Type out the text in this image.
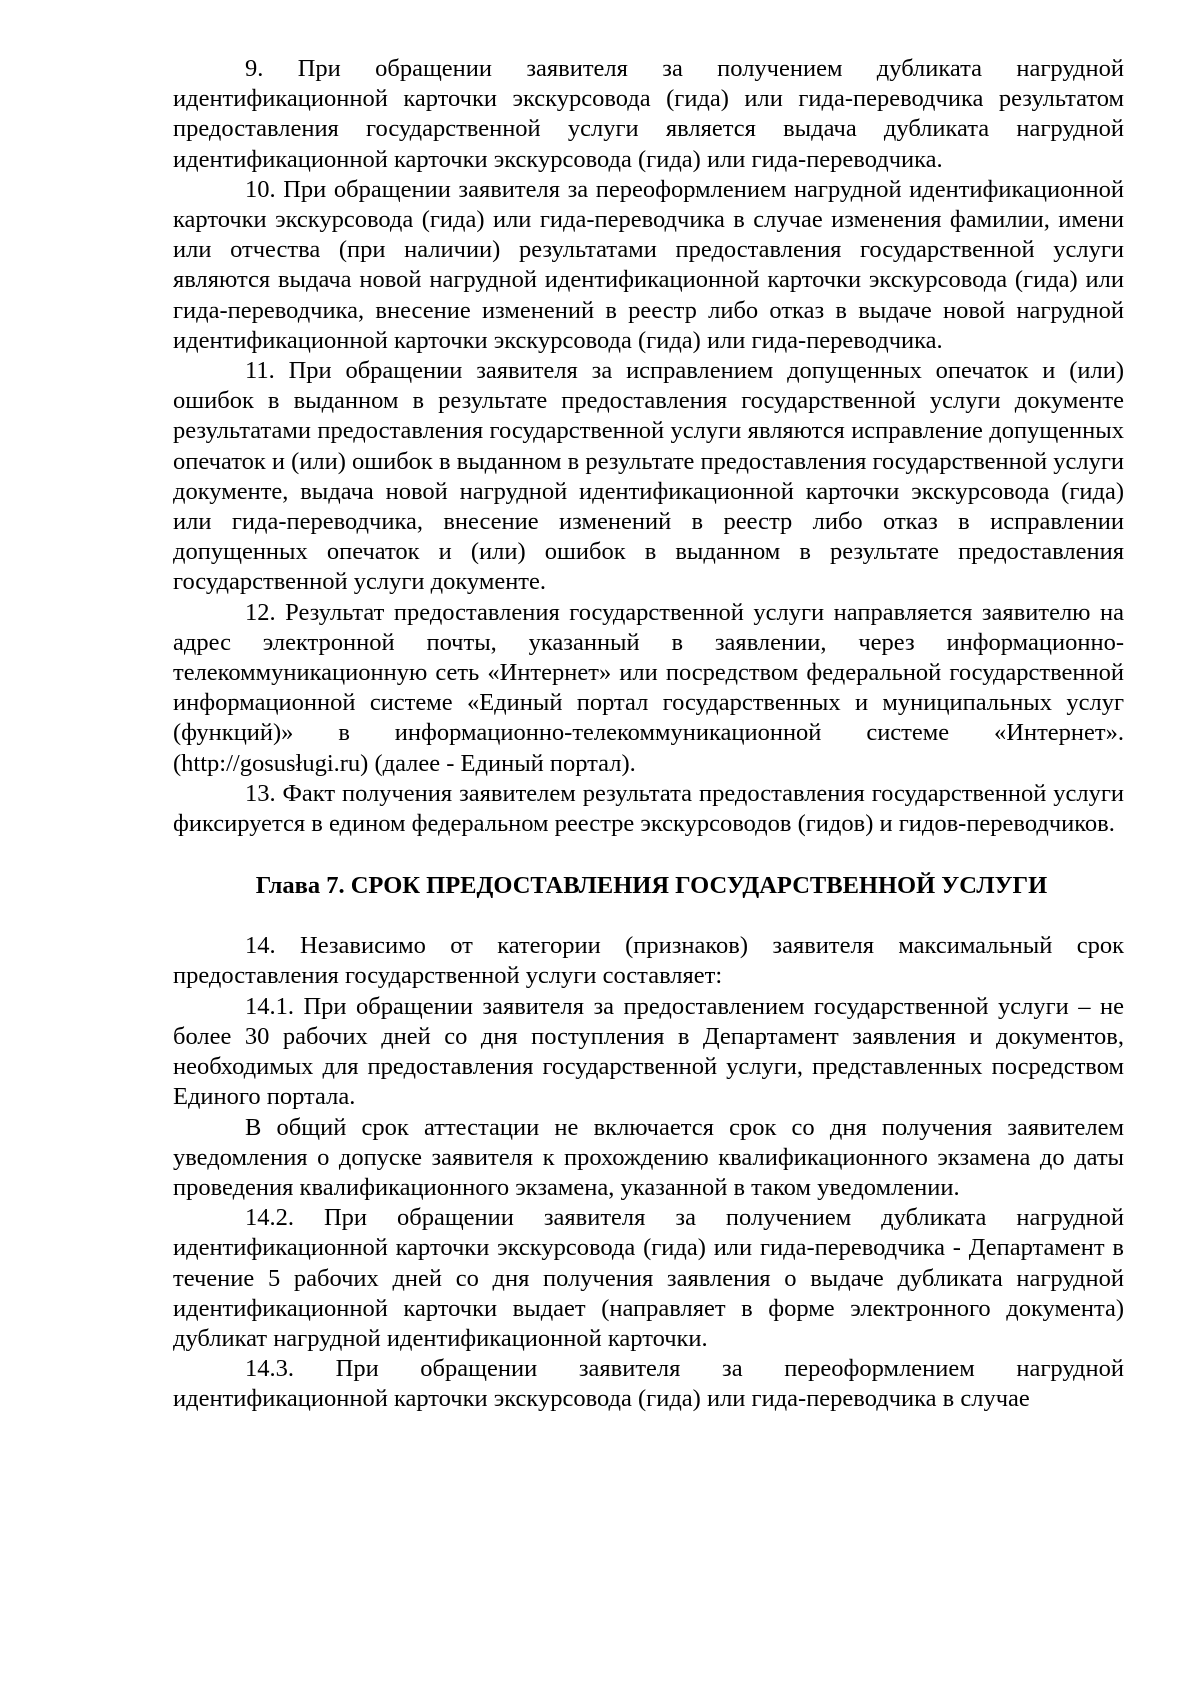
9. При обращении заявителя за получением дубликата нагрудной идентификационной карточки экскурсовода (гида) или гида-переводчика результатом предоставления государственной услуги является выдача дубликата нагрудной идентификационной карточки экскурсовода (гида) или гида-переводчика.

10. При обращении заявителя за переоформлением нагрудной идентификационной карточки экскурсовода (гида) или гида-переводчика в случае изменения фамилии, имени или отчества (при наличии) результатами предоставления государственной услуги являются выдача новой нагрудной идентификационной карточки экскурсовода (гида) или гида-переводчика, внесение изменений в реестр либо отказ в выдаче новой нагрудной идентификационной карточки экскурсовода (гида) или гида-переводчика.

11. При обращении заявителя за исправлением допущенных опечаток и (или) ошибок в выданном в результате предоставления государственной услуги документе результатами предоставления государственной услуги являются исправление допущенных опечаток и (или) ошибок в выданном в результате предоставления государственной услуги документе, выдача новой нагрудной идентификационной карточки экскурсовода (гида) или гида-переводчика, внесение изменений в реестр либо отказ в исправлении допущенных опечаток и (или) ошибок в выданном в результате предоставления государственной услуги документе.

12. Результат предоставления государственной услуги направляется заявителю на адрес электронной почты, указанный в заявлении, через информационно-телекоммуникационную сеть «Интернет» или посредством федеральной государственной информационной системе «Единый портал государственных и муниципальных услуг (функций)» в информационно-телекоммуникационной системе «Интернет». (http://gosusługi.ru) (далее - Единый портал).

13. Факт получения заявителем результата предоставления государственной услуги фиксируется в едином федеральном реестре экскурсоводов (гидов) и гидов-переводчиков.

Глава 7. СРОК ПРЕДОСТАВЛЕНИЯ ГОСУДАРСТВЕННОЙ УСЛУГИ

14. Независимо от категории (признаков) заявителя максимальный срок предоставления государственной услуги составляет:

14.1. При обращении заявителя за предоставлением государственной услуги – не более 30 рабочих дней со дня поступления в Департамент заявления и документов, необходимых для предоставления государственной услуги, представленных посредством Единого портала.

В общий срок аттестации не включается срок со дня получения заявителем уведомления о допуске заявителя к прохождению квалификационного экзамена до даты проведения квалификационного экзамена, указанной в таком уведомлении.

14.2. При обращении заявителя за получением дубликата нагрудной идентификационной карточки экскурсовода (гида) или гида-переводчика - Департамент в течение 5 рабочих дней со дня получения заявления о выдаче дубликата нагрудной идентификационной карточки выдает (направляет в форме электронного документа) дубликат нагрудной идентификационной карточки.

14.3. При обращении заявителя за переоформлением нагрудной идентификационной карточки экскурсовода (гида) или гида-переводчика в случае
